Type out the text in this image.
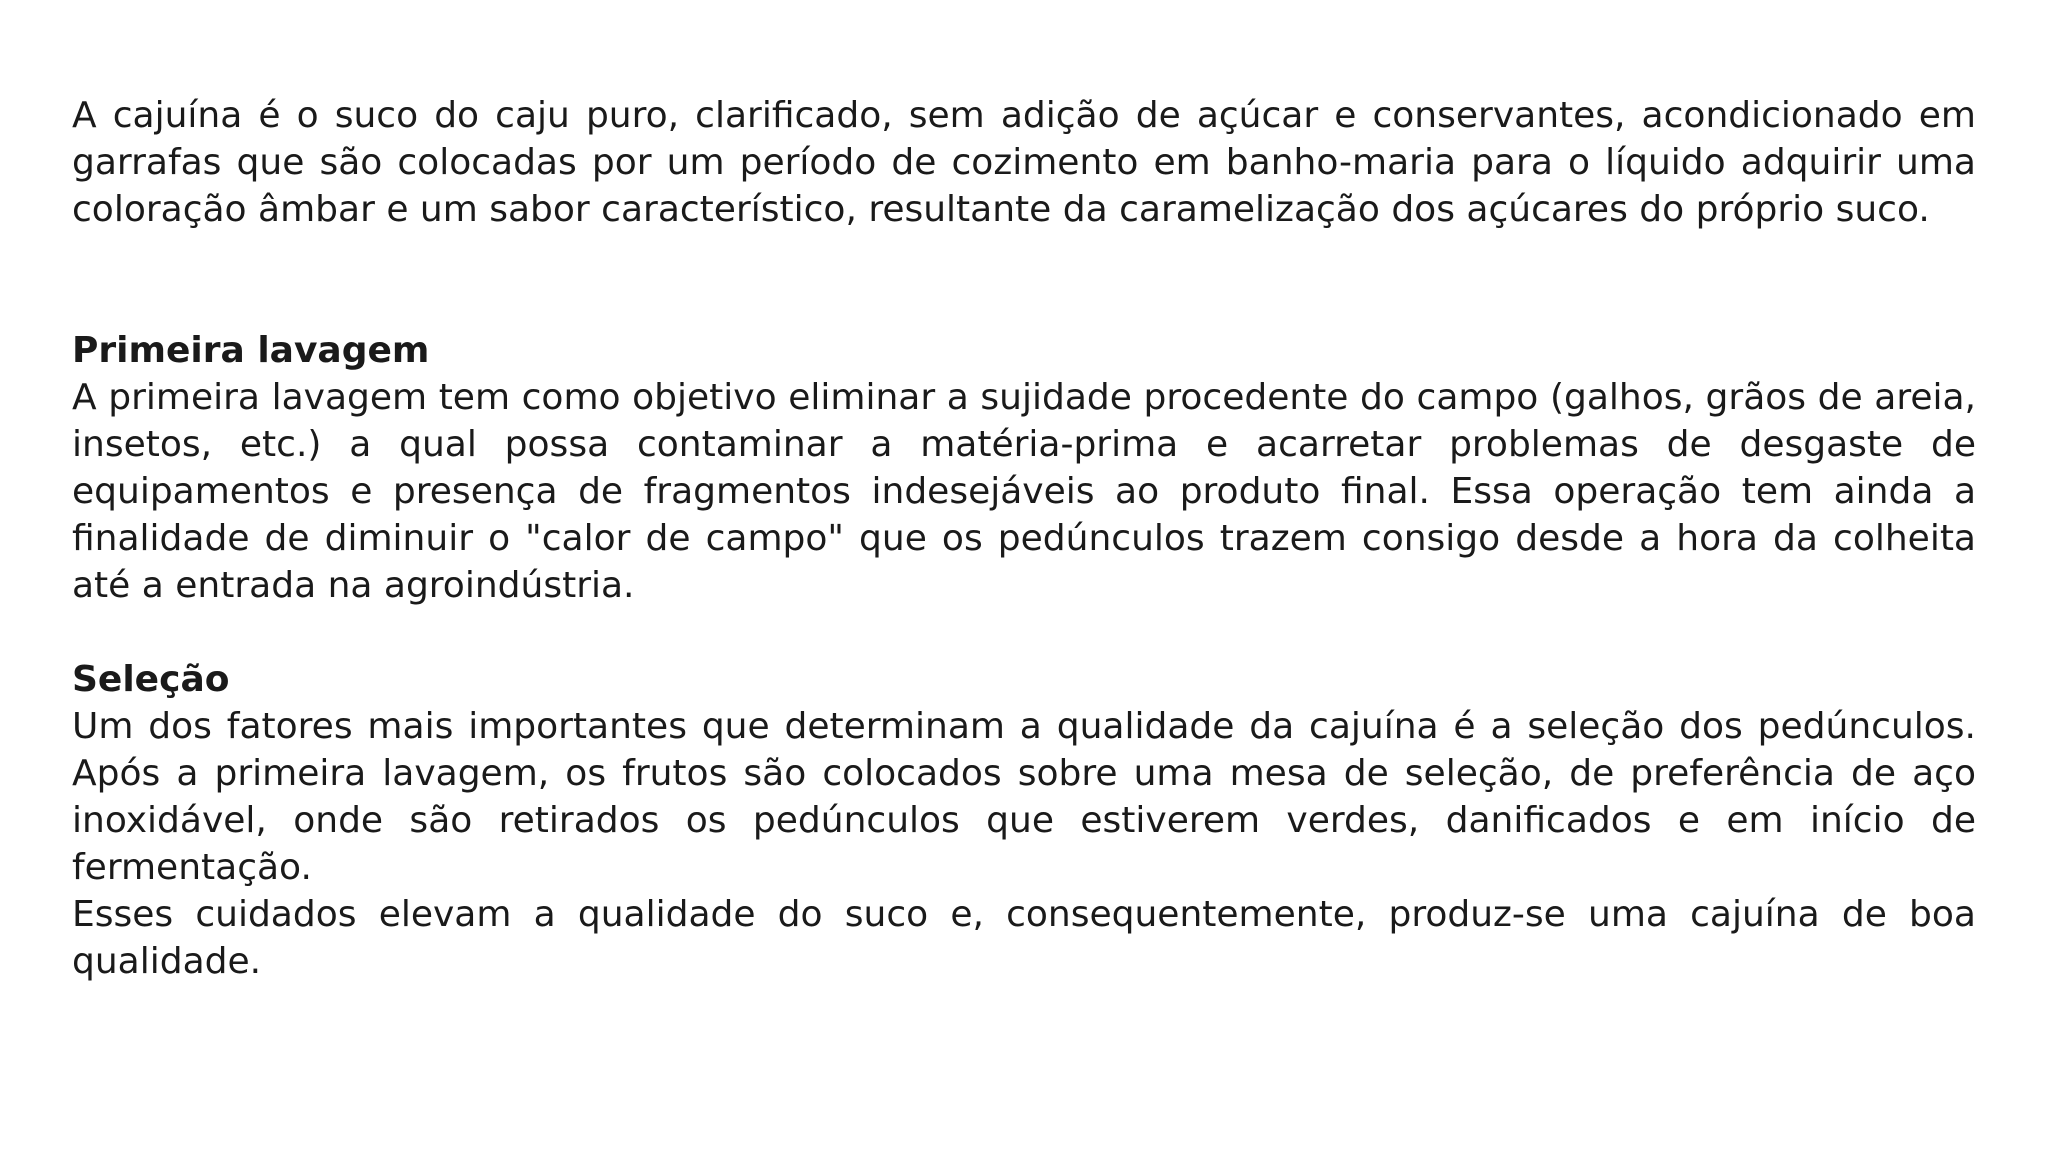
A cajuína é o suco do caju puro, clarificado, sem adição de açúcar e conservantes, acondicionado em garrafas que são colocadas por um período de cozimento em banho-maria para o líquido adquirir uma coloração âmbar e um sabor característico, resultante da caramelização dos açúcares do próprio suco.

Primeira lavagem

A primeira lavagem tem como objetivo eliminar a sujidade procedente do campo (galhos, grãos de areia, insetos, etc.) a qual possa contaminar a matéria-prima e acarretar problemas de desgaste de equipamentos e presença de fragmentos indesejáveis ao produto final. Essa operação tem ainda a finalidade de diminuir o "calor de campo" que os pedúnculos trazem consigo desde a hora da colheita até a entrada na agroindústria.

Seleção

Um dos fatores mais importantes que determinam a qualidade da cajuína é a seleção dos pedúnculos. Após a primeira lavagem, os frutos são colocados sobre uma mesa de seleção, de preferência de aço inoxidável, onde são retirados os pedúnculos que estiverem verdes, danificados e em início de fermentação.

Esses cuidados elevam a qualidade do suco e, consequentemente, produz-se uma cajuína de boa qualidade.
